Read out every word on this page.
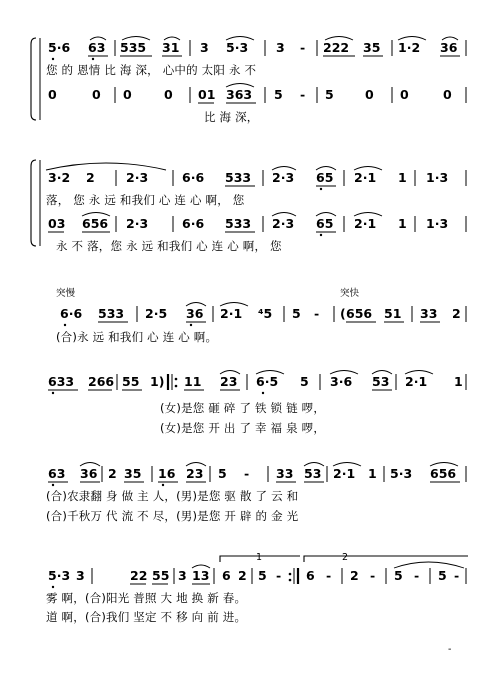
5·6 63 535 31 3 5·3 3 - 222 35 1·2 36
您 的 恩情 比 海 深， 心中的 太阳 永 不
0	0 0	0 01 363 5 - 5	0 0	0
比 海 深，
3·2 2	2·3	6·6 533 2·3 65 2·1 1 1·3
落， 您 永 远 和我们 心 连 心 啊， 您
03 656 2·3	6·6 533 2·3 65 2·1 1 1·3
永 不 落，您 永 远 和我们 心 连 心 啊， 您
突慢	突快
6·6 533 2·5 36 2·1 ⁴5 5 - ( 656 51 33 2
(合)永 远 和我们 心 连 心 啊。
633 266 55 1) 11 23 6·5 5 3·6 53 2·1 1
(女)是您 砸 碎 了 铁 锁 链 啰，
(女)是您 开 出 了 幸 福 泉 啰，
63 36 2 35 16 23 5 - 33 53 2·1 1 5·3 656
(合)农隶翻 身 做 主 人，(男)是您 驱 散 了 云 和
(合)千秋万 代 流 不 尽，(男)是您 开 辟 的 金 光
1	2
5·3 3	22 55 3 13 6 2 5 - 6 - 2 - 5 - 5 -
雾 啊，(合)阳光 普照 大 地 换 新 春。
道 啊，(合)我们 坚定 不 移 向 前 进。
-
